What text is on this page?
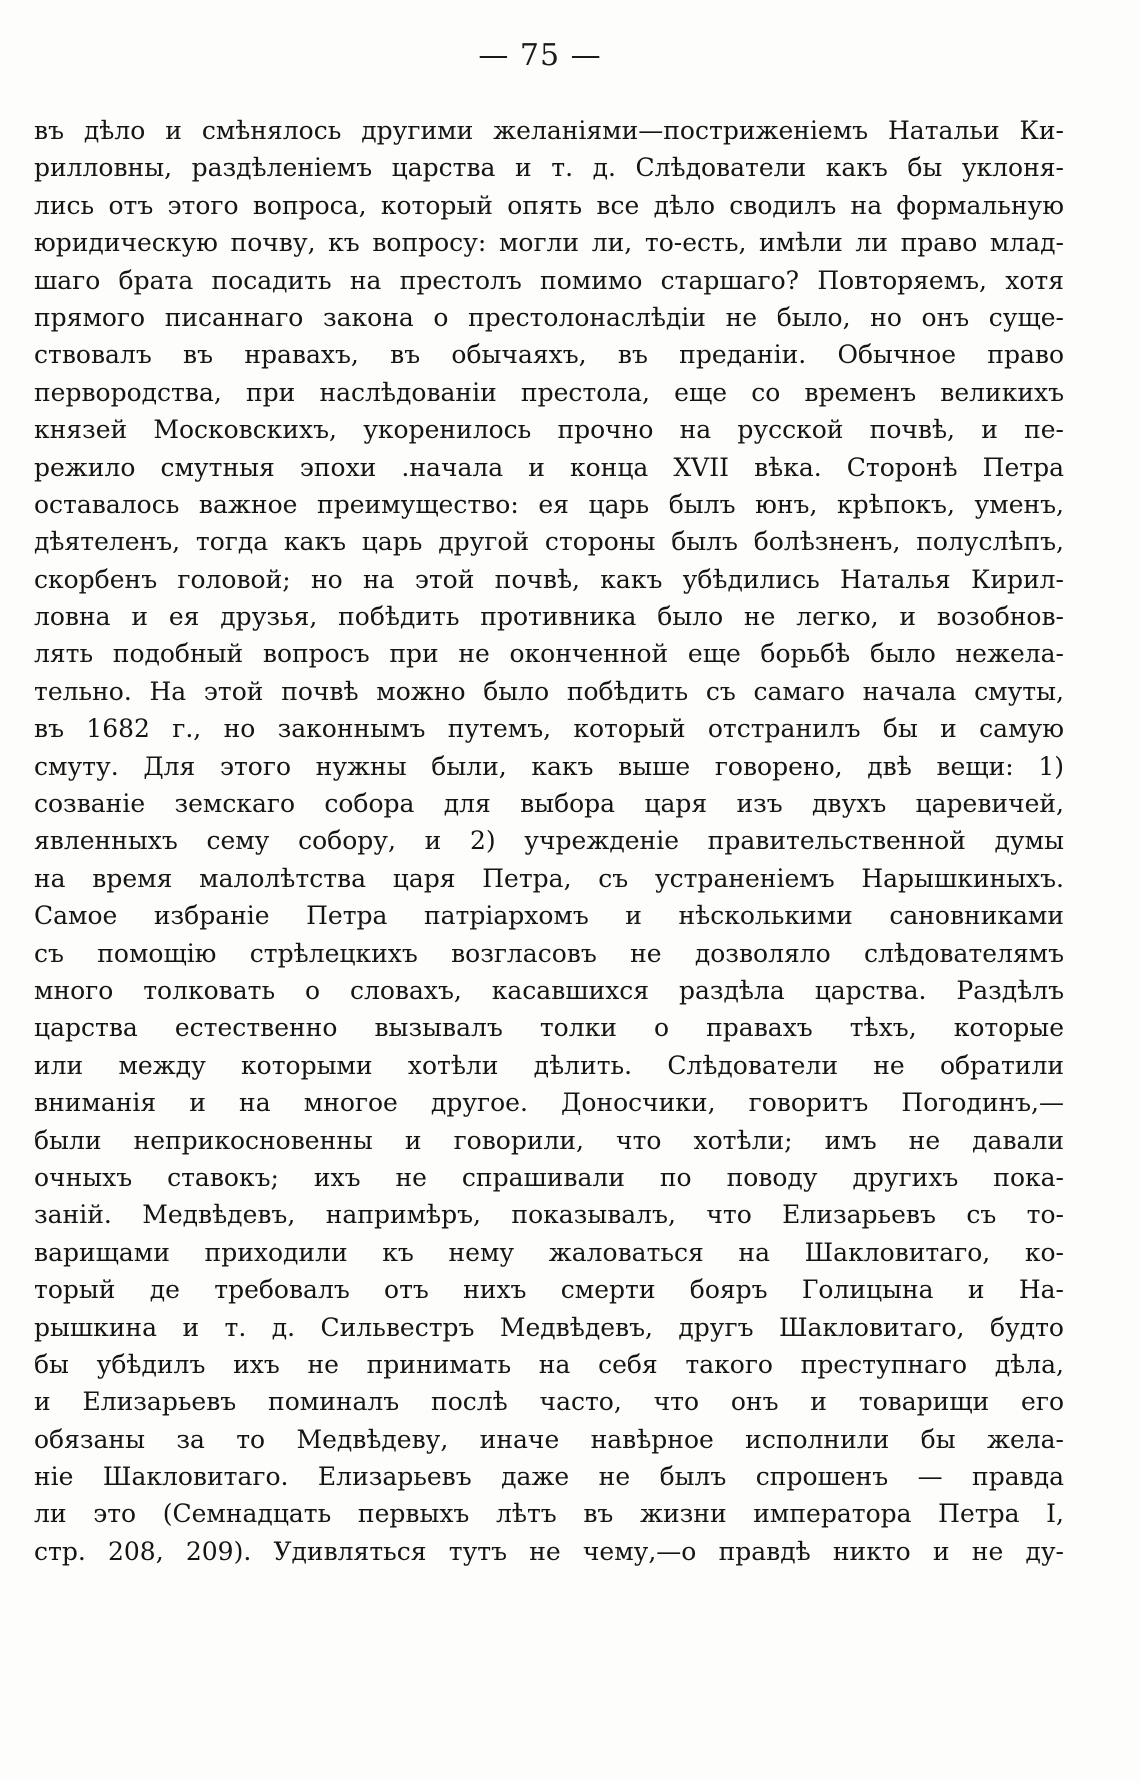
— 75 —
въ дѣло и смѣнялось другими желаніями—постриженіемъ Натальи Ки-
рилловны, раздѣленіемъ царства и т. д. Слѣдователи какъ бы уклоня-
лись отъ этого вопроса, который опять все дѣло сводилъ на формальную
юридическую почву, къ вопросу: могли ли, то-есть, имѣли ли право млад-
шаго брата посадить на престолъ помимо старшаго? Повторяемъ, хотя
прямого писаннаго закона о престолонаслѣдіи не было, но онъ суще-
ствовалъ въ нравахъ, въ обычаяхъ, въ преданіи. Обычное право
первородства, при наслѣдованіи престола, еще со временъ великихъ
князей Московскихъ, укоренилось прочно на русской почвѣ, и пе-
режило смутныя эпохи .начала и конца XVII вѣка. Сторонѣ Петра
оставалось важное преимущество: ея царь былъ юнъ, крѣпокъ, уменъ,
дѣятеленъ, тогда какъ царь другой стороны былъ болѣзненъ, полуслѣпъ,
скорбенъ головой; но на этой почвѣ, какъ убѣдились Наталья Кирил-
ловна и ея друзья, побѣдить противника было не легко, и возобнов-
лять подобный вопросъ при не оконченной еще борьбѣ было нежела-
тельно. На этой почвѣ можно было побѣдить съ самаго начала смуты,
въ 1682 г., но законнымъ путемъ, который отстранилъ бы и самую
смуту. Для этого нужны были, какъ выше говорено, двѣ вещи: 1)
созваніе земскаго собора для выбора царя изъ двухъ царевичей,
явленныхъ сему собору, и 2) учрежденіе правительственной думы
на время малолѣтства царя Петра, съ устраненіемъ Нарышкиныхъ.
Самое избраніе Петра патріархомъ и нѣсколькими сановниками
съ помощію стрѣлецкихъ возгласовъ не дозволяло слѣдователямъ
много толковать о словахъ, касавшихся раздѣла царства. Раздѣлъ
царства естественно вызывалъ толки о правахъ тѣхъ, которые
или между которыми хотѣли дѣлить. Слѣдователи не обратили
вниманія и на многое другое. Доносчики, говоритъ Погодинъ,—
были неприкосновенны и говорили, что хотѣли; имъ не давали
очныхъ ставокъ; ихъ не спрашивали по поводу другихъ пока-
заній. Медвѣдевъ, напримѣръ, показывалъ, что Елизарьевъ съ то-
варищами приходили къ нему жаловаться на Шакловитаго, ко-
торый де требовалъ отъ нихъ смерти бояръ Голицына и На-
рышкина и т. д. Сильвестръ Медвѣдевъ, другъ Шакловитаго, будто
бы убѣдилъ ихъ не принимать на себя такого преступнаго дѣла,
и Елизарьевъ поминалъ послѣ часто, что онъ и товарищи его
обязаны за то Медвѣдеву, иначе навѣрное исполнили бы жела-
ніе Шакловитаго. Елизарьевъ даже не былъ спрошенъ — правда
ли это (Семнадцать первыхъ лѣтъ въ жизни императора Петра I,
стр. 208, 209). Удивляться тутъ не чему,—о правдѣ никто и не ду-
